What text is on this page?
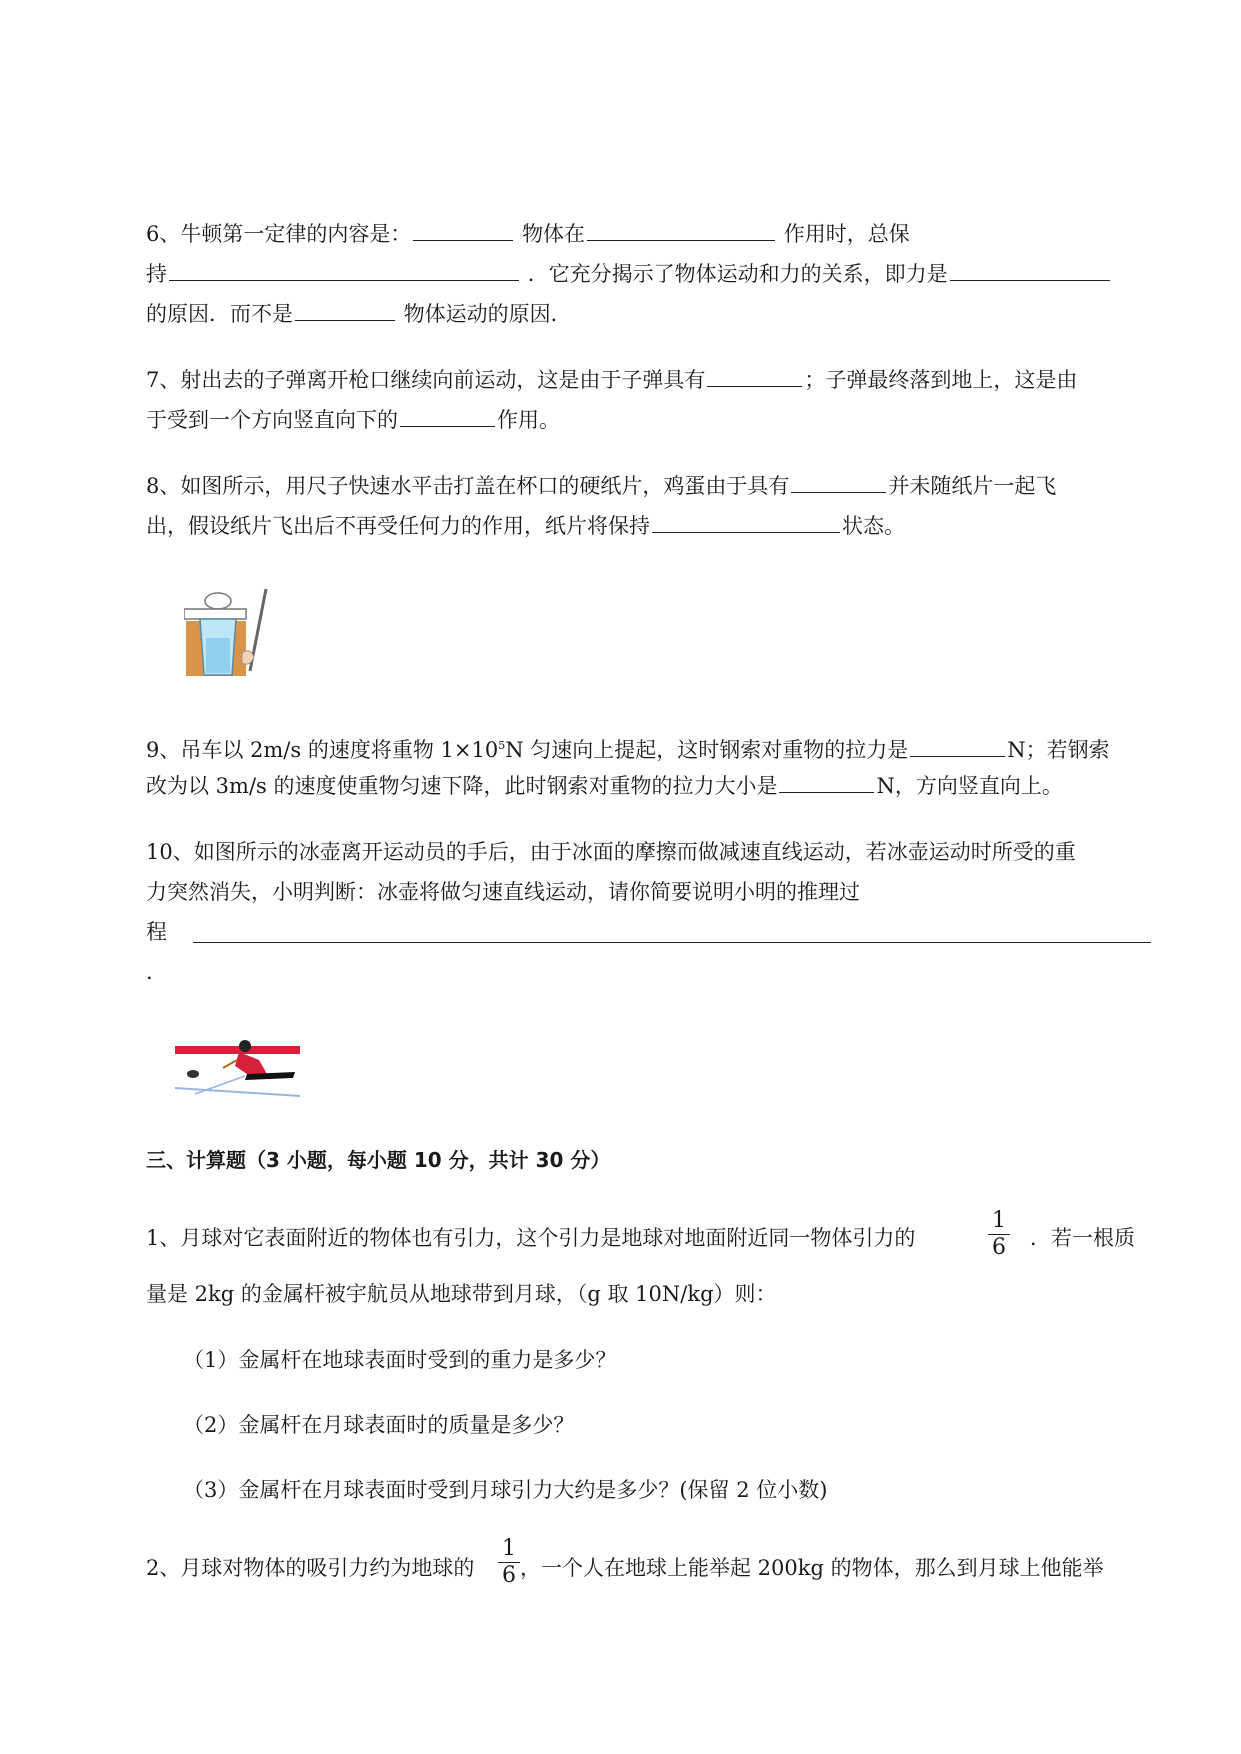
6、牛顿第一定律的内容是：	物体在	作用时，总保
持	．它充分揭示了物体运动和力的关系，即力是
的原因．而不是	物体运动的原因．
7、射出去的子弹离开枪口继续向前运动，这是由于子弹具有	；子弹最终落到地上，这是由
于受到一个方向竖直向下的	作用。
8、如图所示，用尺子快速水平击打盖在杯口的硬纸片，鸡蛋由于具有	并未随纸片一起飞
出，假设纸片飞出后不再受任何力的作用，纸片将保持	状态。
9、吊车以 2m/s 的速度将重物 $1\times 10^5N$ 匀速向上提起，这时钢索对重物的拉力是	N；若钢索
改为以 3m/s 的速度使重物匀速下降，此时钢索对重物的拉力大小是	N，方向竖直向上。
10、如图所示的冰壶离开运动员的手后，由于冰面的摩擦而做减速直线运动，若冰壶运动时所受的重
力突然消失，小明判断：冰壶将做匀速直线运动，请你简要说明小明的推理过
程
.
三、计算题（3 小题，每小题 10 分，共计 30 分）
1、月球对它表面附近的物体也有引力，这个引力是地球对地面附近同一物体引力的	$\frac{1}{6}$ ．若一根质
量是 2kg 的金属杆被宇航员从地球带到月球，（g 取 10N/kg）则：
（1）金属杆在地球表面时受到的重力是多少？
（2）金属杆在月球表面时的质量是多少？
（3）金属杆在月球表面时受到月球引力大约是多少？(保留 2 位小数)
2、月球对物体的吸引力约为地球的 $\frac{1}{6}$ ，一个人在地球上能举起 200kg 的物体，那么到月球上他能举
